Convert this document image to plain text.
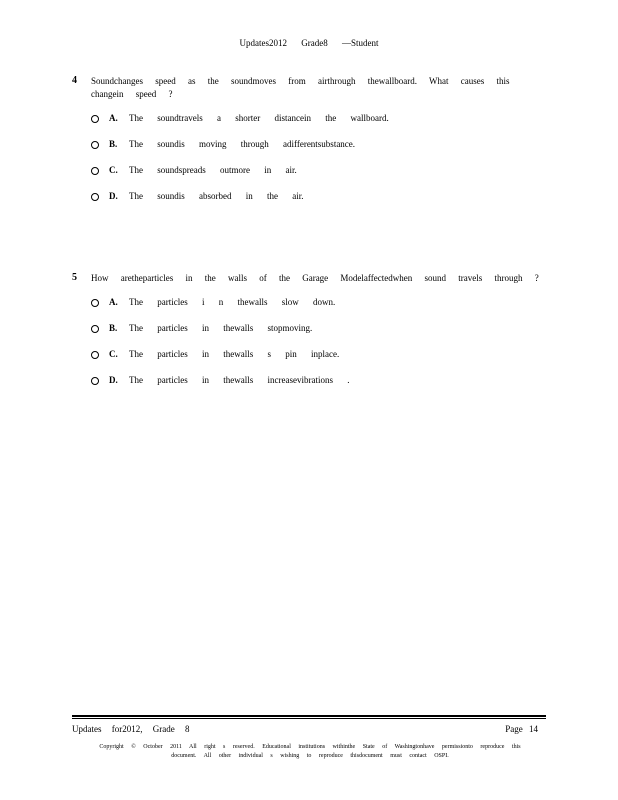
Updates2012 Grade8 —Student
4 Soundchanges speed as the soundmoves from airthrough thewallboard. What causes this changein speed ?
A.	The soundtravels a shorter distancein the wallboard.
B.	The soundis moving through adifferentsubstance.
C.	The soundspreads outmore in air.
D.	The soundis absorbed in the air.
5 How aretheparticles in the walls of the Garage Modelaffectedwhen sound travels through ?
A.	The particles i n thewalls slow down.
B.	The particles in thewalls stopmoving.
C.	The particles in thewalls s pin inplace.
D.	The particles in thewalls increasevibrations .
Updates for2012, Grade 8	Page 14
Copyright © October 2011 All right s reserved. Educational institutions withinthe State of Washingtonhave permissionto reproduce this
document. All other individual s wishing to reproduce thisdocument must contact OSPI.
